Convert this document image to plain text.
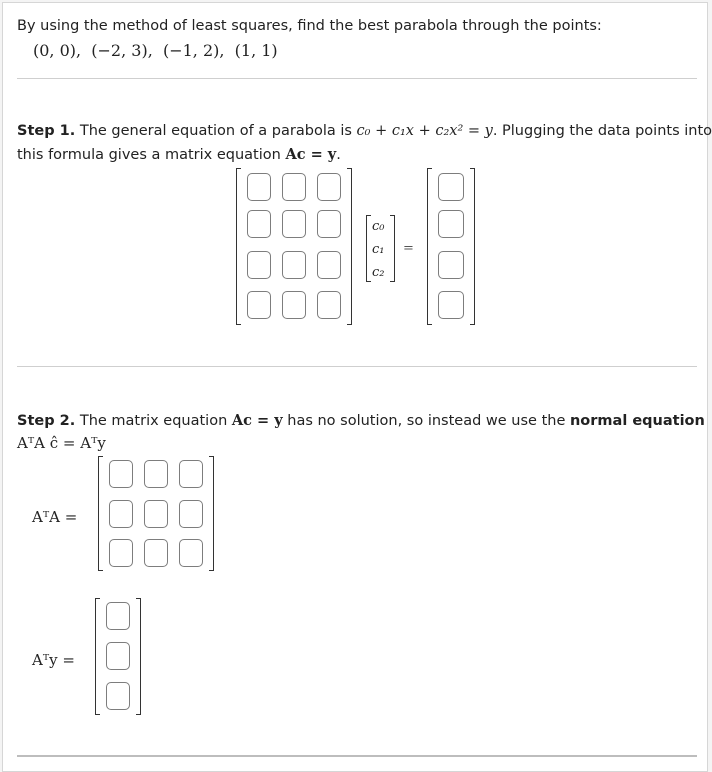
By using the method of least squares, find the best parabola through the points:
(0, 0), (−2, 3), (−1, 2), (1, 1)
Step 1. The general equation of a parabola is c₀ + c₁x + c₂x² = y. Plugging the data points into
this formula gives a matrix equation Ac = y.
c₀
c₁
c₂
=
Step 2. The matrix equation Ac = y has no solution, so instead we use the normal equation
AᵀA ĉ = Aᵀy
AᵀA =
Aᵀy =
